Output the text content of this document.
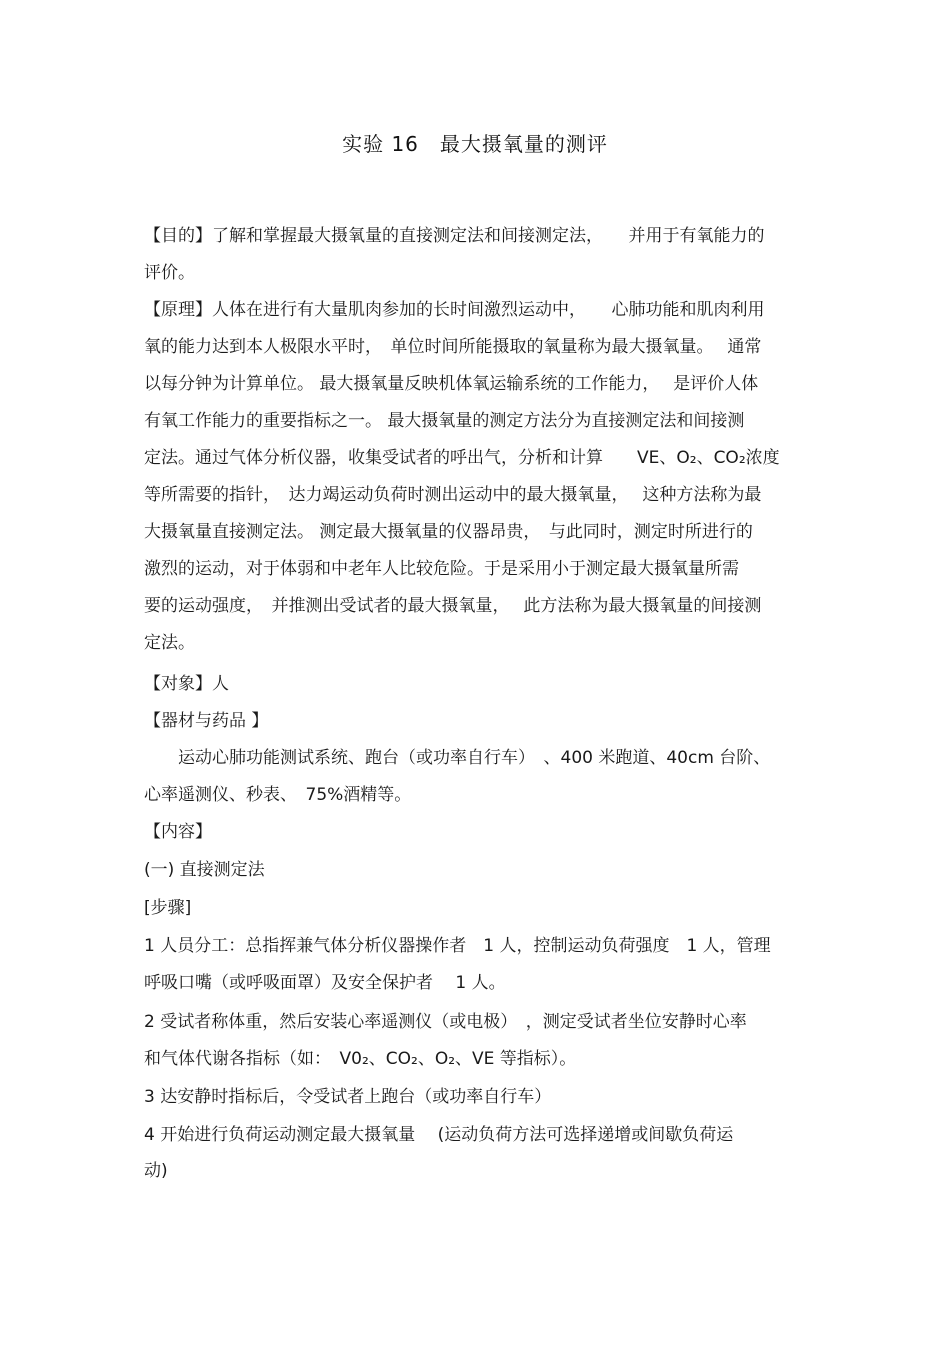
实验 16　最大摄氧量的测评
【目的】了解和掌握最大摄氧量的直接测定法和间接测定法，　　并用于有氧能力的
评价。
【原理】人体在进行有大量肌肉参加的长时间激烈运动中，　　心肺功能和肌肉利用
氧的能力达到本人极限水平时，　单位时间所能摄取的氧量称为最大摄氧量。　 通常
以每分钟为计算单位。 最大摄氧量反映机体氧运输系统的工作能力，　 是评价人体
有氧工作能力的重要指标之一。 最大摄氧量的测定方法分为直接测定法和间接测
定法。通过气体分析仪器，收集受试者的呼出气，分析和计算　　VE、O₂、CO₂浓度
等所需要的指针，　达力竭运动负荷时测出运动中的最大摄氧量，　 这种方法称为最
大摄氧量直接测定法。 测定最大摄氧量的仪器昂贵，　与此同时，测定时所进行的
激烈的运动，对于体弱和中老年人比较危险。于是采用小于测定最大摄氧量所需
要的运动强度，　并推测出受试者的最大摄氧量，　 此方法称为最大摄氧量的间接测
定法。
【对象】人
【器材与药品 】
　　运动心肺功能测试系统、跑台（或功率自行车）　、400 米跑道、40cm 台阶、
心率遥测仪、秒表、　75%酒精等。
【内容】
(一) 直接测定法
[步骤]
1 人员分工：总指挥兼气体分析仪器操作者　1 人，控制运动负荷强度　1 人，管理
呼吸口嘴（或呼吸面罩）及安全保护者　 1 人。
2 受试者称体重，然后安装心率遥测仪（或电极）　，测定受试者坐位安静时心率
和气体代谢各指标（如：　V0₂、CO₂、O₂、VE 等指标）。
3 达安静时指标后，令受试者上跑台（或功率自行车）
4 开始进行负荷运动测定最大摄氧量　 (运动负荷方法可选择递增或间歇负荷运
动)
